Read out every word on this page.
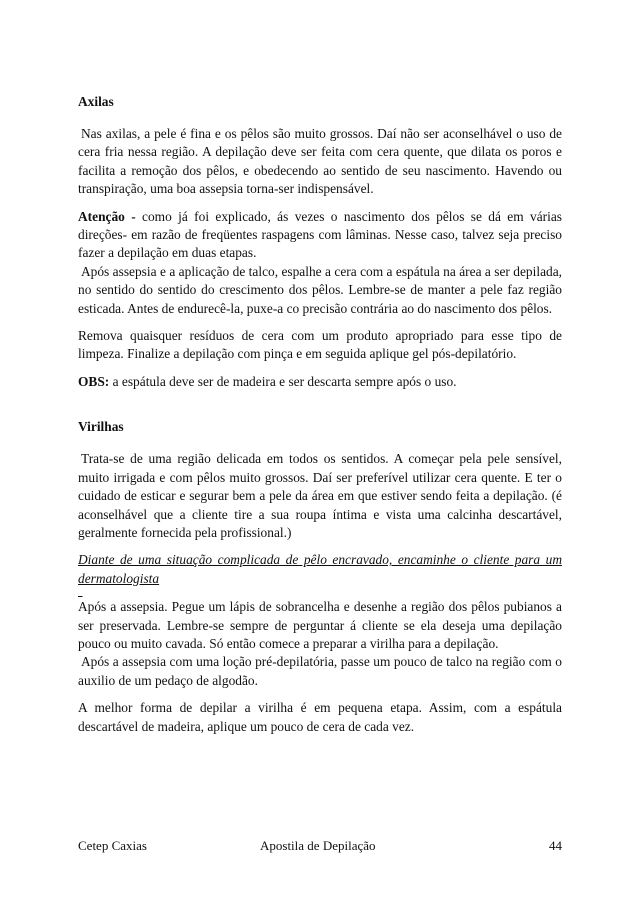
Axilas

Nas axilas, a pele é fina e os pêlos são muito grossos. Daí não ser aconselhável o uso de cera fria nessa região. A depilação deve ser feita com cera quente, que dilata os poros e facilita a remoção dos pêlos, e obedecendo ao sentido de seu nascimento. Havendo ou transpiração, uma boa assepsia torna-ser indispensável.

Atenção - como já foi explicado, ás vezes o nascimento dos pêlos se dá em várias direções- em razão de freqüentes raspagens com lâminas. Nesse caso, talvez seja preciso fazer a depilação em duas etapas.

Após assepsia e a aplicação de talco, espalhe a cera com a espátula na área a ser depilada, no sentido do sentido do crescimento dos pêlos. Lembre-se de manter a pele faz região esticada. Antes de endurecê-la, puxe-a co precisão contrária ao do nascimento dos pêlos.

Remova quaisquer resíduos de cera com um produto apropriado para esse tipo de limpeza. Finalize a depilação com pinça e em seguida aplique gel pós-depilatório.

OBS: a espátula deve ser de madeira e ser descarta sempre após o uso.

Virilhas

Trata-se de uma região delicada em todos os sentidos. A começar pela pele sensível, muito irrigada e com pêlos muito grossos. Daí ser preferível utilizar cera quente. E ter o cuidado de esticar e segurar bem a pele da área em que estiver sendo feita a depilação. (é aconselhável que a cliente tire a sua roupa íntima e vista uma calcinha descartável, geralmente fornecida pela profissional.)

Diante de uma situação complicada de pêlo encravado, encaminhe o cliente para um dermatologista

Após a assepsia. Pegue um lápis de sobrancelha e desenhe a região dos pêlos pubianos a ser preservada. Lembre-se sempre de perguntar á cliente se ela deseja uma depilação pouco ou muito cavada. Só então comece a preparar a virilha para a depilação.

Após a assepsia com uma loção pré-depilatória, passe um pouco de talco na região com o auxilio de um pedaço de algodão.

A melhor forma de depilar a virilha é em pequena etapa. Assim, com a espátula descartável de madeira, aplique um pouco de cera de cada vez.

Cetep Caxias	Apostila de Depilação	44
